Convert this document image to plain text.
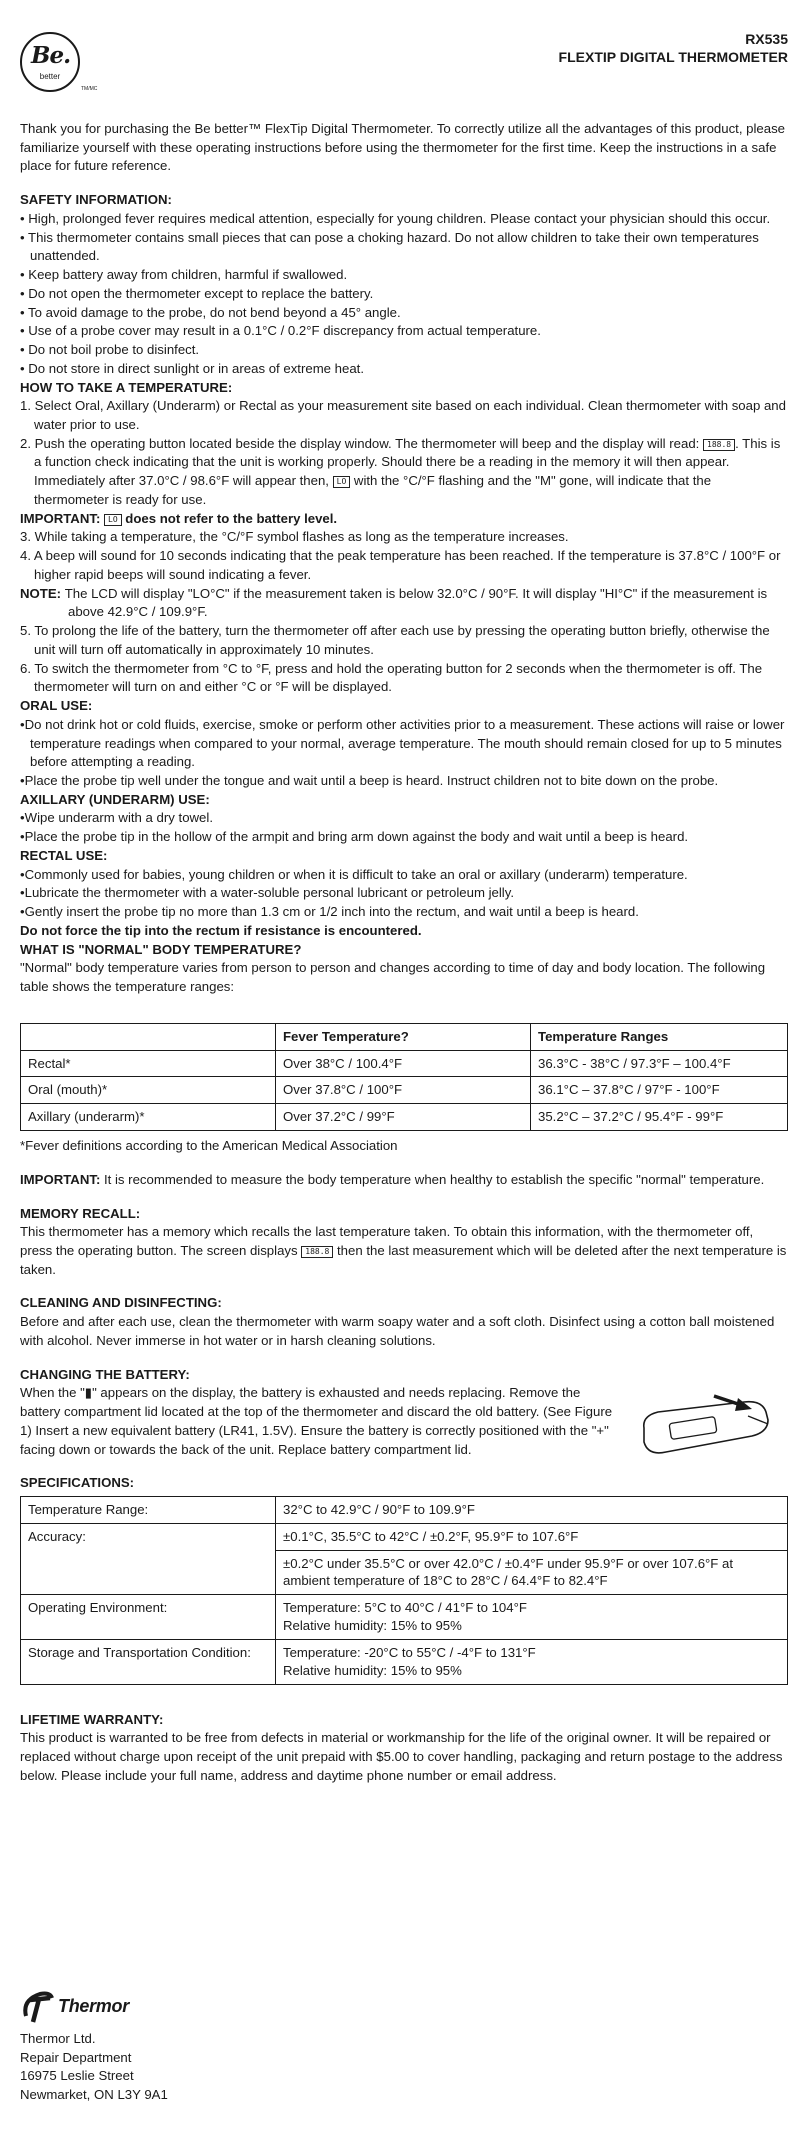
Be.
better
TM/MC
RX535
FLEXTIP DIGITAL THERMOMETER

Thank you for purchasing the Be better™ FlexTip Digital Thermometer. To correctly utilize all the advantages of this product, please familiarize yourself with these operating instructions before using the thermometer for the first time. Keep the instructions in a safe place for future reference.

SAFETY INFORMATION:

• High, prolonged fever requires medical attention, especially for young children. Please contact your physician should this occur.

• This thermometer contains small pieces that can pose a choking hazard. Do not allow children to take their own temperatures unattended.

• Keep battery away from children, harmful if swallowed.

• Do not open the thermometer except to replace the battery.

• To avoid damage to the probe, do not bend beyond a 45° angle.

• Use of a probe cover may result in a 0.1°C / 0.2°F discrepancy from actual temperature.

• Do not boil probe to disinfect.

• Do not store in direct sunlight or in areas of extreme heat.

HOW TO TAKE A TEMPERATURE:

1. Select Oral, Axillary (Underarm) or Rectal as your measurement site based on each individual. Clean thermometer with soap and water prior to use.

2. Push the operating button located beside the display window. The thermometer will beep and the display will read: 188.8 . This is a function check indicating that the unit is working properly. Should there be a reading in the memory it will then appear. Immediately after 37.0°C / 98.6°F will appear then, LO with the °C/°F flashing and the "M" gone, will indicate that the thermometer is ready for use.

IMPORTANT: LO does not refer to the battery level.

3. While taking a temperature, the °C/°F symbol flashes as long as the temperature increases.

4. A beep will sound for 10 seconds indicating that the peak temperature has been reached. If the temperature is 37.8°C / 100°F or higher rapid beeps will sound indicating a fever.

NOTE: The LCD will display "LO°C" if the measurement taken is below 32.0°C / 90°F. It will display "HI°C" if the measurement is above 42.9°C / 109.9°F.

5. To prolong the life of the battery, turn the thermometer off after each use by pressing the operating button briefly, otherwise the unit will turn off automatically in approximately 10 minutes.

6. To switch the thermometer from °C to °F, press and hold the operating button for 2 seconds when the thermometer is off. The thermometer will turn on and either °C or °F will be displayed.

ORAL USE:

•Do not drink hot or cold fluids, exercise, smoke or perform other activities prior to a measurement. These actions will raise or lower temperature readings when compared to your normal, average temperature. The mouth should remain closed for up to 5 minutes before attempting a reading.

•Place the probe tip well under the tongue and wait until a beep is heard. Instruct children not to bite down on the probe.

AXILLARY (UNDERARM) USE:

•Wipe underarm with a dry towel.

•Place the probe tip in the hollow of the armpit and bring arm down against the body and wait until a beep is heard.

RECTAL USE:

•Commonly used for babies, young children or when it is difficult to take an oral or axillary (underarm) temperature.

•Lubricate the thermometer with a water-soluble personal lubricant or petroleum jelly.

•Gently insert the probe tip no more than 1.3 cm or 1/2 inch into the rectum, and wait until a beep is heard.

Do not force the tip into the rectum if resistance is encountered.

WHAT IS "NORMAL" BODY TEMPERATURE?

"Normal" body temperature varies from person to person and changes according to time of day and body location. The following table shows the temperature ranges:

	Fever Temperature?	Temperature Ranges
Rectal*	Over 38°C / 100.4°F	36.3°C - 38°C / 97.3°F – 100.4°F
Oral (mouth)*	Over 37.8°C / 100°F	36.1°C – 37.8°C / 97°F - 100°F
Axillary (underarm)*	Over 37.2°C / 99°F	35.2°C – 37.2°C / 95.4°F - 99°F

*Fever definitions according to the American Medical Association

IMPORTANT: It is recommended to measure the body temperature when healthy to establish the specific "normal" temperature.

MEMORY RECALL:

This thermometer has a memory which recalls the last temperature taken. To obtain this information, with the thermometer off, press the operating button. The screen displays 188.8 then the last measurement which will be deleted after the next temperature is taken.

CLEANING AND DISINFECTING:

Before and after each use, clean the thermometer with warm soapy water and a soft cloth. Disinfect using a cotton ball moistened with alcohol. Never immerse in hot water or in harsh cleaning solutions.

CHANGING THE BATTERY:

When the "▮" appears on the display, the battery is exhausted and needs replacing. Remove the battery compartment lid located at the top of the thermometer and discard the old battery. (See Figure 1) Insert a new equivalent battery (LR41, 1.5V). Ensure the battery is correctly positioned with the "+" facing down or towards the back of the unit. Replace battery compartment lid.

SPECIFICATIONS:

Temperature Range:	32°C to 42.9°C / 90°F to 109.9°F
Accuracy:	±0.1°C, 35.5°C to 42°C / ±0.2°F, 95.9°F to 107.6°F
	±0.2°C under 35.5°C or over 42.0°C / ±0.4°F under 95.9°F or over 107.6°F at ambient temperature of 18°C to 28°C / 64.4°F to 82.4°F
Operating Environment:	Temperature: 5°C to 40°C / 41°F to 104°F
Relative humidity: 15% to 95%

Storage and Transportation Condition:	Temperature: -20°C to 55°C / -4°F to 131°F
Relative humidity: 15% to 95%

LIFETIME WARRANTY:

This product is warranted to be free from defects in material or workmanship for the life of the original owner. It will be repaired or replaced without charge upon receipt of the unit prepaid with $5.00 to cover handling, packaging and return postage to the address below. Please include your full name, address and daytime phone number or email address.

Thermor
Thermor Ltd.
Repair Department
16975 Leslie Street
Newmarket, ON L3Y 9A1
